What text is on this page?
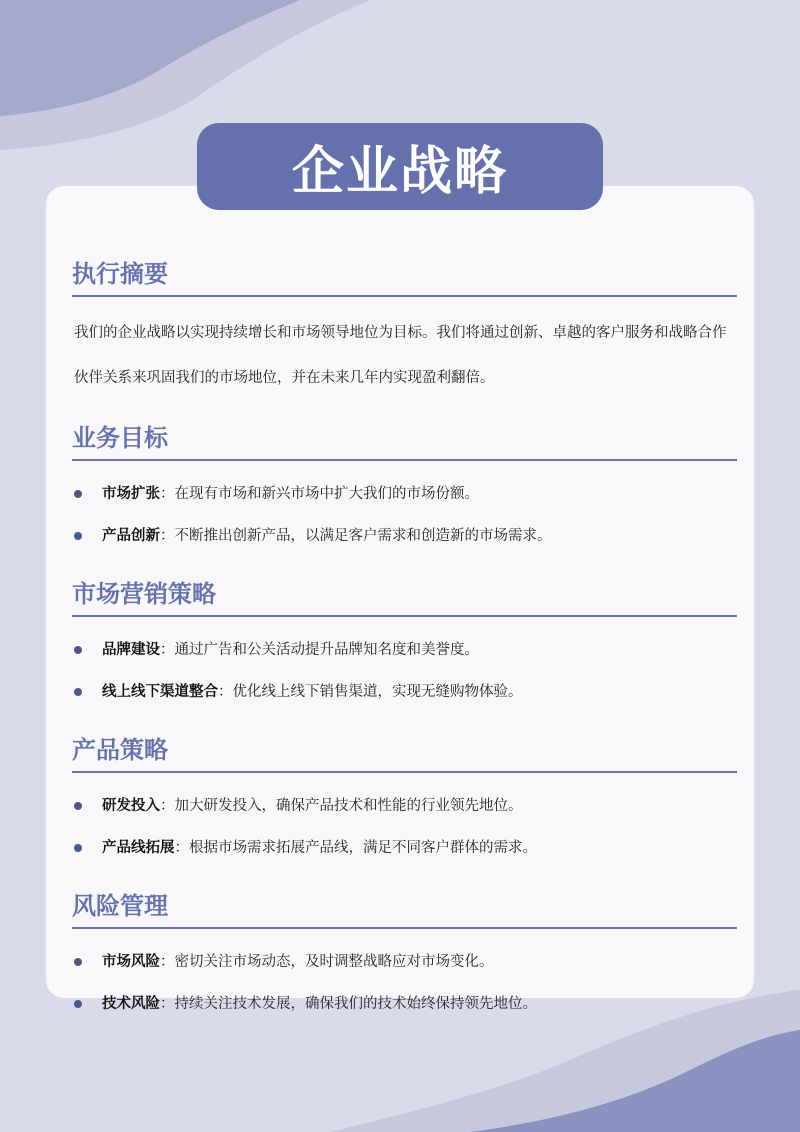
企业战略
执行摘要
我们的企业战略以实现持续增长和市场领导地位为目标。我们将通过创新、卓越的客户服务和战略合作伙伴关系来巩固我们的市场地位，并在未来几年内实现盈利翻倍。
业务目标
市场扩张：在现有市场和新兴市场中扩大我们的市场份额。
产品创新：不断推出创新产品，以满足客户需求和创造新的市场需求。
市场营销策略
品牌建设：通过广告和公关活动提升品牌知名度和美誉度。
线上线下渠道整合：优化线上线下销售渠道，实现无缝购物体验。
产品策略
研发投入：加大研发投入，确保产品技术和性能的行业领先地位。
产品线拓展：根据市场需求拓展产品线，满足不同客户群体的需求。
风险管理
市场风险：密切关注市场动态，及时调整战略应对市场变化。
技术风险：持续关注技术发展，确保我们的技术始终保持领先地位。
